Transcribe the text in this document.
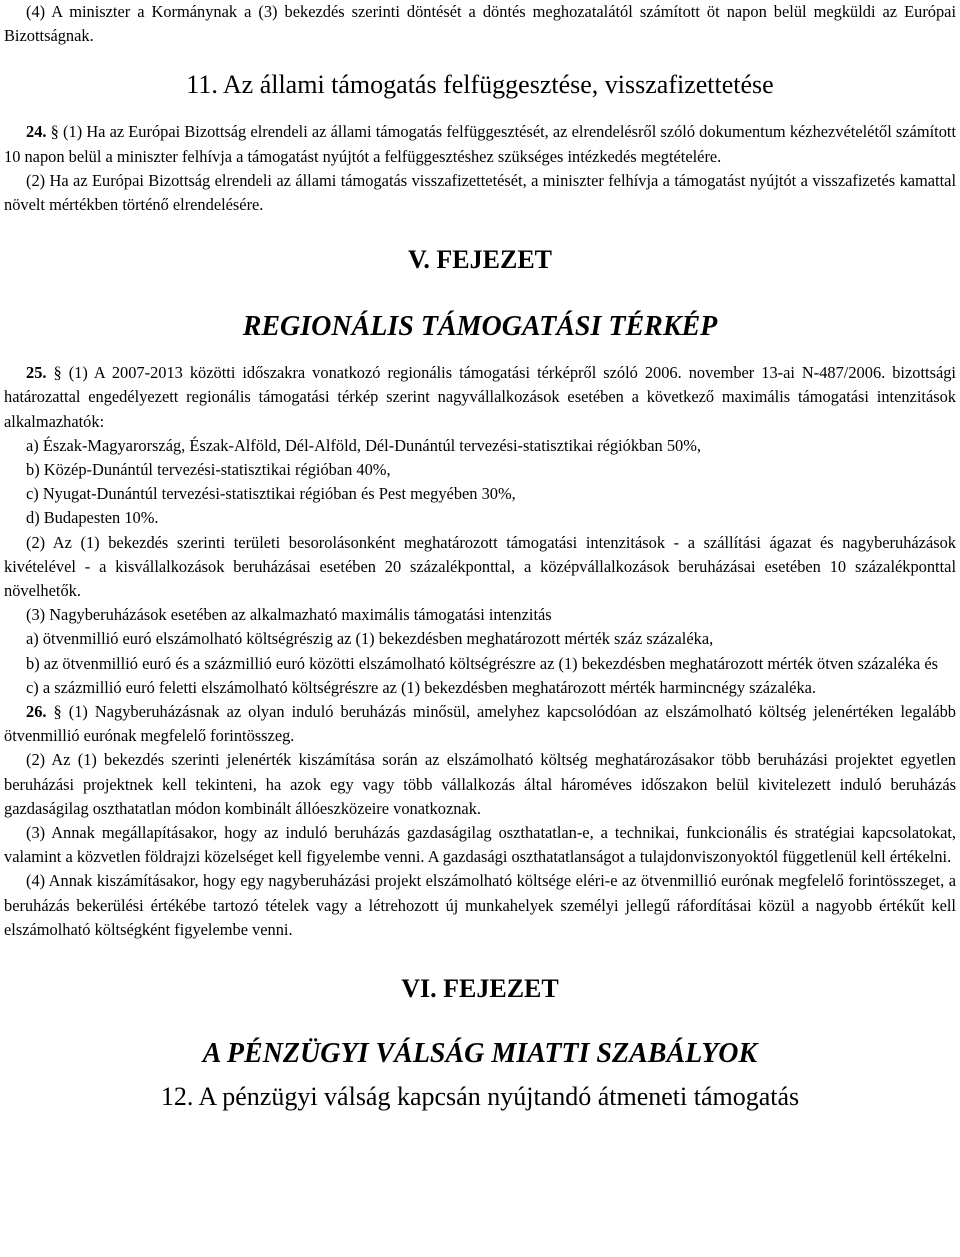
(4) A miniszter a Kormánynak a (3) bekezdés szerinti döntését a döntés meghozatalától számított öt napon belül megküldi az Európai Bizottságnak.

11. Az állami támogatás felfüggesztése, visszafizettetése

24. § (1) Ha az Európai Bizottság elrendeli az állami támogatás felfüggesztését, az elrendelésről szóló dokumentum kézhezvételétől számított 10 napon belül a miniszter felhívja a támogatást nyújtót a felfüggesztéshez szükséges intézkedés megtételére.

(2) Ha az Európai Bizottság elrendeli az állami támogatás visszafizettetését, a miniszter felhívja a támogatást nyújtót a visszafizetés kamattal növelt mértékben történő elrendelésére.

V. FEJEZET
REGIONÁLIS TÁMOGATÁSI TÉRKÉP

25. § (1) A 2007-2013 közötti időszakra vonatkozó regionális támogatási térképről szóló 2006. november 13-ai N-487/2006. bizottsági határozattal engedélyezett regionális támogatási térkép szerint nagyvállalkozások esetében a következő maximális támogatási intenzitások alkalmazhatók:

a) Észak-Magyarország, Észak-Alföld, Dél-Alföld, Dél-Dunántúl tervezési-statisztikai régiókban 50%,

b) Közép-Dunántúl tervezési-statisztikai régióban 40%,

c) Nyugat-Dunántúl tervezési-statisztikai régióban és Pest megyében 30%,

d) Budapesten 10%.

(2) Az (1) bekezdés szerinti területi besorolásonként meghatározott támogatási intenzitások - a szállítási ágazat és nagyberuházások kivételével - a kisvállalkozások beruházásai esetében 20 százalékponttal, a középvállalkozások beruházásai esetében 10 százalékponttal növelhetők.

(3) Nagyberuházások esetében az alkalmazható maximális támogatási intenzitás

a) ötvenmillió euró elszámolható költségrészig az (1) bekezdésben meghatározott mérték száz százaléka,

b) az ötvenmillió euró és a százmillió euró közötti elszámolható költségrészre az (1) bekezdésben meghatározott mérték ötven százaléka és

c) a százmillió euró feletti elszámolható költségrészre az (1) bekezdésben meghatározott mérték harmincnégy százaléka.

26. § (1) Nagyberuházásnak az olyan induló beruházás minősül, amelyhez kapcsolódóan az elszámolható költség jelenértéken legalább ötvenmillió eurónak megfelelő forintösszeg.

(2) Az (1) bekezdés szerinti jelenérték kiszámítása során az elszámolható költség meghatározásakor több beruházási projektet egyetlen beruházási projektnek kell tekinteni, ha azok egy vagy több vállalkozás által hároméves időszakon belül kivitelezett induló beruházás gazdaságilag oszthatatlan módon kombinált állóeszközeire vonatkoznak.

(3) Annak megállapításakor, hogy az induló beruházás gazdaságilag oszthatatlan-e, a technikai, funkcionális és stratégiai kapcsolatokat, valamint a közvetlen földrajzi közelséget kell figyelembe venni. A gazdasági oszthatatlanságot a tulajdonviszonyoktól függetlenül kell értékelni.

(4) Annak kiszámításakor, hogy egy nagyberuházási projekt elszámolható költsége eléri-e az ötvenmillió eurónak megfelelő forintösszeget, a beruházás bekerülési értékébe tartozó tételek vagy a létrehozott új munkahelyek személyi jellegű ráfordításai közül a nagyobb értékűt kell elszámolható költségként figyelembe venni.

VI. FEJEZET
A PÉNZÜGYI VÁLSÁG MIATTI SZABÁLYOK
12. A pénzügyi válság kapcsán nyújtandó átmeneti támogatás
